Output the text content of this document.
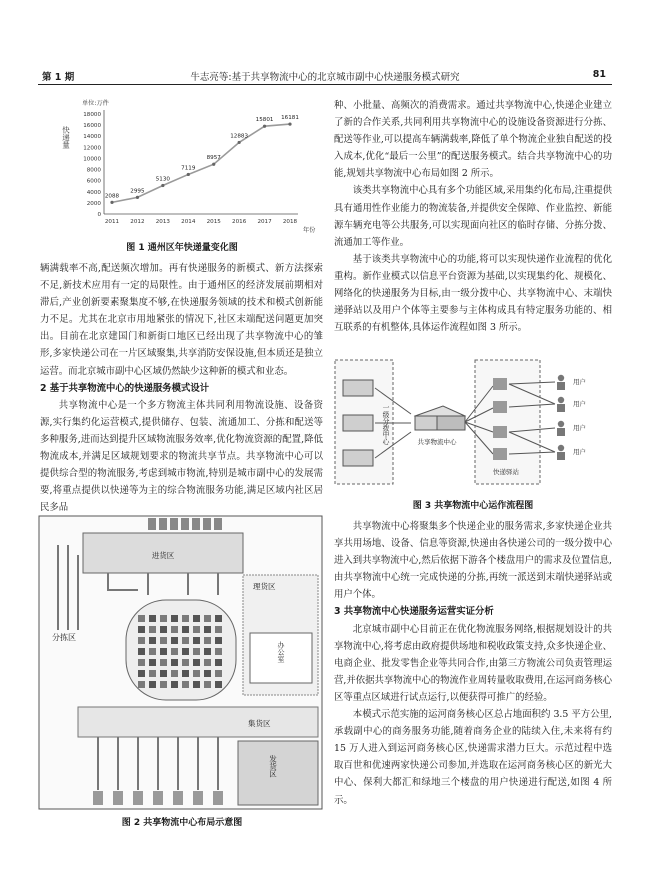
第 1 期	牛志亮等:基于共享物流中心的北京城市副中心快递服务模式研究	81
单位:万件
快递量
0
2000
4000
6000
8000
10000
12000
14000
16000
18000
2011 2012 2013 2014 2015 2016 2017 2018
2088
2995
5130
7119
8957
12883
15801 16181
年份
图 1 通州区年快递量变化图

辆满载率不高,配送频次增加。再有快递服务的新模式、新方法探索不足,新技术应用有一定的局限性。由于通州区的经济发展前期相对滞后,产业创新要素聚集度不够,在快递服务领域的技术和模式创新能力不足。尤其在北京市用地紧张的情况下,社区末端配送问题更加突出。目前在北京建国门和新街口地区已经出现了共享物流中心的雏形,多家快递公司在一片区域聚集,共享消防安保设施,但本质还是独立运营。而北京城市副中心区域仍然缺少这种新的模式和业态。

2 基于共享物流中心的快递服务模式设计

共享物流中心是一个多方物流主体共同利用物流设施、设备资源,实行集约化运营模式,提供储存、包装、流通加工、分拣和配送等多种服务,进而达到提升区域物流服务效率,优化物流资源的配置,降低物流成本,并满足区域规划要求的物流共享节点。共享物流中心可以提供综合型的物流服务,考虑到城市物流,特别是城市副中心的发展需要,将重点提供以快递等为主的综合物流服务功能,满足区域内社区居民多品

进货区
分拣区
理货区
办公室
集货区
发货区
图 2 共享物流中心布局示意图

种、小批量、高频次的消费需求。通过共享物流中心,快递企业建立了新的合作关系,共同利用共享物流中心的设施设备资源进行分拣、配送等作业,可以提高车辆满载率,降低了单个物流企业独自配送的投入成本,优化“最后一公里”的配送服务模式。结合共享物流中心的功能,规划共享物流中心布局如图 2 所示。

该类共享物流中心具有多个功能区域,采用集约化布局,注重提供具有通用性作业能力的物流装备,并提供安全保障、作业监控、新能源车辆充电等公共服务,可以实现面向社区的临时存储、分拣分拨、流通加工等作业。

基于该类共享物流中心的功能,将可以实现快递作业流程的优化重构。新作业模式以信息平台资源为基础,以实现集约化、规模化、网络化的快递服务为目标,由一级分拨中心、共享物流中心、末端快递驿站以及用户个体等主要参与主体构成具有特定服务功能的、相互联系的有机整体,具体运作流程如图 3 所示。

一级分拨中心	共享物流中心
快递驿站
用户
用户
用户
用户
图 3 共享物流中心运作流程图

共享物流中心将聚集多个快递企业的服务需求,多家快递企业共享共用场地、设备、信息等资源,快递由各快递公司的一级分拨中心进入到共享物流中心,然后依据下游各个楼盘用户的需求及位置信息,由共享物流中心统一完成快递的分拣,再统一派送到末端快递驿站或用户个体。

3 共享物流中心快递服务运营实证分析

北京城市副中心目前正在优化物流服务网络,根据规划设计的共享物流中心,将考虑由政府提供场地和税收政策支持,众多快递企业、电商企业、批发零售企业等共同合作,由第三方物流公司负责管理运营,并依据共享物流中心的物流作业周转量收取费用,在运河商务核心区等重点区域进行试点运行,以便获得可推广的经验。

本模式示范实施的运河商务核心区总占地面积约 3.5 平方公里,承载副中心的商务服务功能,随着商务企业的陆续入住,未来将有约 15 万人进入到运河商务核心区,快递需求潜力巨大。示范过程中选取百世和优速两家快递公司参加,并选取在运河商务核心区的新光大中心、保利大都汇和绿地三个楼盘的用户快递进行配送,如图 4 所示。
